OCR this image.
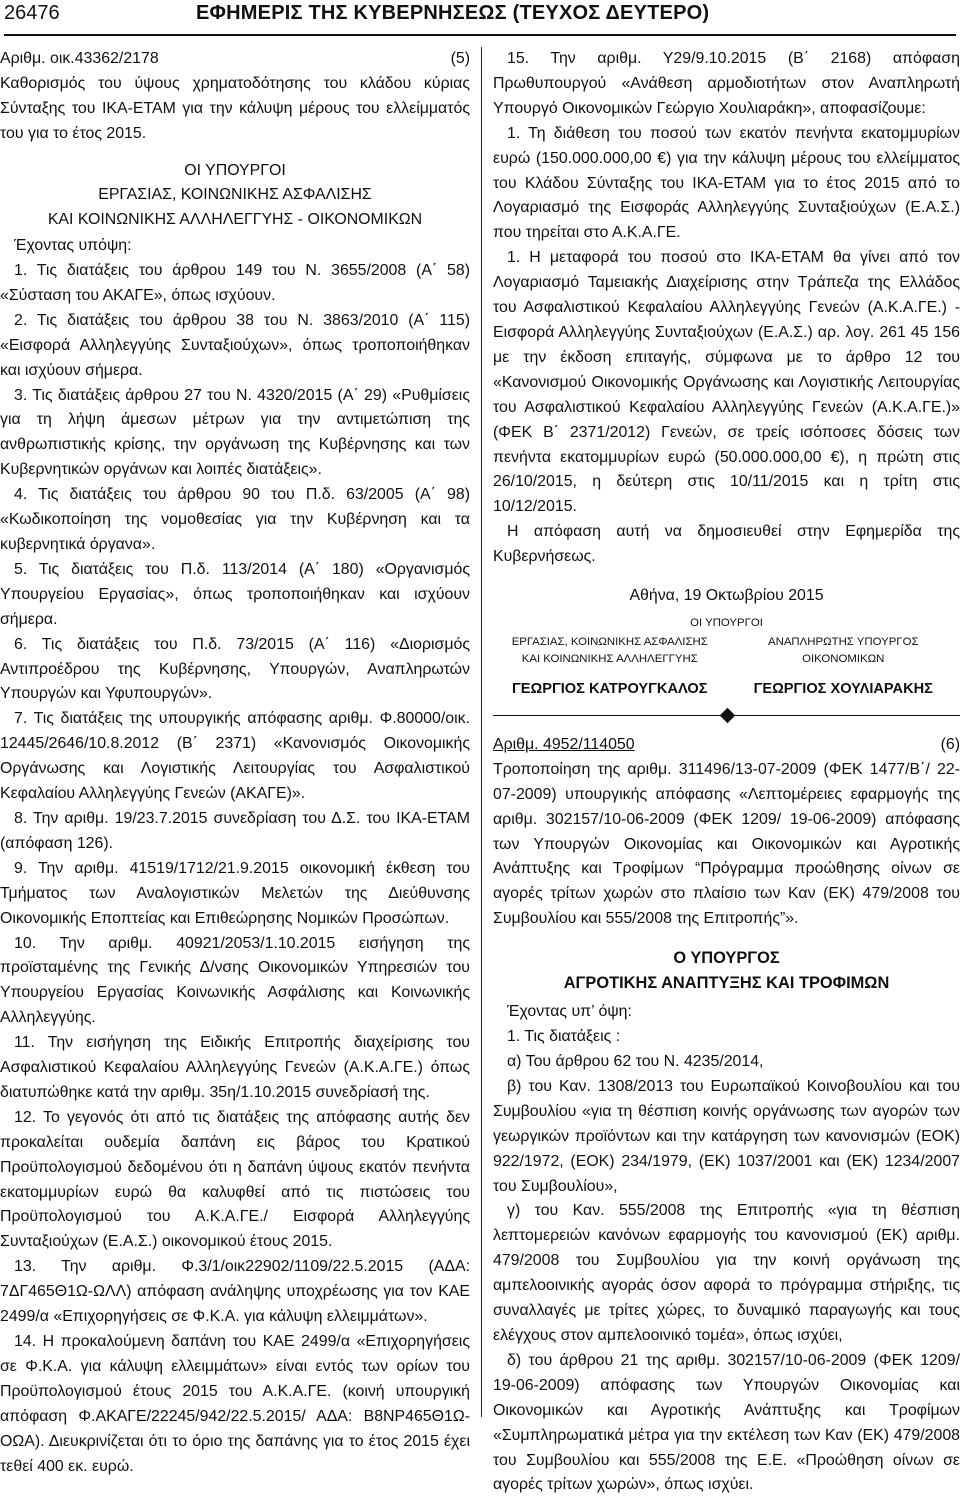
26476	ΕΦΗΜΕΡΙΣ ΤΗΣ ΚΥΒΕΡΝΗΣΕΩΣ (ΤΕΥΧΟΣ ΔΕΥΤΕΡΟ)
Αριθμ. οικ.43362/2178	(5)

Καθορισμός του ύψους χρηματοδότησης του κλάδου κύριας Σύνταξης του ΙΚΑ-ΕΤΑΜ για την κάλυψη μέρους του ελλείμματός του για το έτος 2015.

ΟΙ ΥΠΟΥΡΓΟΙ

ΕΡΓΑΣΙΑΣ, ΚΟΙΝΩΝΙΚΗΣ ΑΣΦΑΛΙΣΗΣ

ΚΑΙ ΚΟΙΝΩΝΙΚΗΣ ΑΛΛΗΛΕΓΓΥΗΣ - ΟΙΚΟΝΟΜΙΚΩΝ

Έχοντας υπόψη:

1. Τις διατάξεις του άρθρου 149 του Ν. 3655/2008 (Α΄ 58) «Σύσταση του ΑΚΑΓΕ», όπως ισχύουν.

2. Τις διατάξεις του άρθρου 38 του Ν. 3863/2010 (Α΄ 115) «Εισφορά Αλληλεγγύης Συνταξιούχων», όπως τροποποιήθηκαν και ισχύουν σήμερα.

3. Τις διατάξεις άρθρου 27 του Ν. 4320/2015 (Α΄ 29) «Ρυθμίσεις για τη λήψη άμεσων μέτρων για την αντιμετώπιση της ανθρωπιστικής κρίσης, την οργάνωση της Κυβέρνησης και των Κυβερνητικών οργάνων και λοιπές διατάξεις».

4. Τις διατάξεις του άρθρου 90 του Π.δ. 63/2005 (Α΄ 98) «Κωδικοποίηση της νομοθεσίας για την Κυβέρνηση και τα κυβερνητικά όργανα».

5. Τις διατάξεις του Π.δ. 113/2014 (Α΄ 180) «Οργανισμός Υπουργείου Εργασίας», όπως τροποποιήθηκαν και ισχύουν σήμερα.

6. Τις διατάξεις του Π.δ. 73/2015 (Α΄ 116) «Διορισμός Αντιπροέδρου της Κυβέρνησης, Υπουργών, Αναπληρωτών Υπουργών και Υφυπουργών».

7. Τις διατάξεις της υπουργικής απόφασης αριθμ. Φ.80000/οικ. 12445/2646/10.8.2012 (Β΄ 2371) «Κανονισμός Οικονομικής Οργάνωσης και Λογιστικής Λειτουργίας του Ασφαλιστικού Κεφαλαίου Αλληλεγγύης Γενεών (ΑΚΑΓΕ)».

8. Την αριθμ. 19/23.7.2015 συνεδρίαση του Δ.Σ. του ΙΚΑ-ΕΤΑΜ (απόφαση 126).

9. Την αριθμ. 41519/1712/21.9.2015 οικονομική έκθεση του Τμήματος των Αναλογιστικών Μελετών της Διεύθυνσης Οικονομικής Εποπτείας και Επιθεώρησης Νομικών Προσώπων.

10. Την αριθμ. 40921/2053/1.10.2015 εισήγηση της προϊσταμένης της Γενικής Δ/νσης Οικονομικών Υπηρεσιών του Υπουργείου Εργασίας Κοινωνικής Ασφάλισης και Κοινωνικής Αλληλεγγύης.

11. Την εισήγηση της Ειδικής Επιτροπής διαχείρισης του Ασφαλιστικού Κεφαλαίου Αλληλεγγύης Γενεών (Α.Κ.Α.ΓΕ.) όπως διατυπώθηκε κατά την αριθμ. 35η/1.10.2015 συνεδρίασή της.

12. Το γεγονός ότι από τις διατάξεις της απόφασης αυτής δεν προκαλείται ουδεμία δαπάνη εις βάρος του Κρατικού Προϋπολογισμού δεδομένου ότι η δαπάνη ύψους εκατόν πενήντα εκατομμυρίων ευρώ θα καλυφθεί από τις πιστώσεις του Προϋπολογισμού του Α.Κ.Α.ΓΕ./ Εισφορά Αλληλεγγύης Συνταξιούχων (Ε.Α.Σ.) οικονομικού έτους 2015.

13. Την αριθμ. Φ.3/1/οικ22902/1109/22.5.2015 (ΑΔΑ: 7ΔΓ465Θ1Ω-ΩΛΛ) απόφαση ανάληψης υποχρέωσης για τον ΚΑΕ 2499/α «Επιχορηγήσεις σε Φ.Κ.Α. για κάλυψη ελλειμμάτων».

14. Η προκαλούμενη δαπάνη του ΚΑΕ 2499/α «Επιχορηγήσεις σε Φ.Κ.Α. για κάλυψη ελλειμμάτων» είναι εντός των ορίων του Προϋπολογισμού έτους 2015 του Α.Κ.Α.ΓΕ. (κοινή υπουργική απόφαση Φ.ΑΚΑΓΕ/22245/942/22.5.2015/ ΑΔΑ: Β8ΝΡ465Θ1Ω-ΟΩΑ). Διευκρινίζεται ότι το όριο της δαπάνης για το έτος 2015 έχει τεθεί 400 εκ. ευρώ.

15. Την αριθμ. Υ29/9.10.2015 (Β΄ 2168) απόφαση Πρωθυπουργού «Ανάθεση αρμοδιοτήτων στον Αναπληρωτή Υπουργό Οικονομικών Γεώργιο Χουλιαράκη», αποφασίζουμε:

1. Τη διάθεση του ποσού των εκατόν πενήντα εκατομμυρίων ευρώ (150.000.000,00 €) για την κάλυψη μέρους του ελλείμματος του Κλάδου Σύνταξης του ΙΚΑ-ΕΤΑΜ για το έτος 2015 από το Λογαριασμό της Εισφοράς Αλληλεγγύης Συνταξιούχων (Ε.Α.Σ.) που τηρείται στο Α.Κ.Α.ΓΕ.

1. Η μεταφορά του ποσού στο ΙΚΑ-ΕΤΑΜ θα γίνει από τον Λογαριασμό Ταμειακής Διαχείρισης στην Τράπεζα της Ελλάδος του Ασφαλιστικού Κεφαλαίου Αλληλεγγύης Γενεών (Α.Κ.Α.ΓΕ.) - Εισφορά Αλληλεγγύης Συνταξιούχων (Ε.Α.Σ.) αρ. λογ. 261 45 156 με την έκδοση επιταγής, σύμφωνα με το άρθρο 12 του «Κανονισμού Οικονομικής Οργάνωσης και Λογιστικής Λειτουργίας του Ασφαλιστικού Κεφαλαίου Αλληλεγγύης Γενεών (Α.Κ.Α.ΓΕ.)» (ΦΕΚ Β΄ 2371/2012) Γενεών, σε τρείς ισόποσες δόσεις των πενήντα εκατομμυρίων ευρώ (50.000.000,00 €), η πρώτη στις 26/10/2015, η δεύτερη στις 10/11/2015 και η τρίτη στις 10/12/2015.

Η απόφαση αυτή να δημοσιευθεί στην Εφημερίδα της Κυβερνήσεως.

Αθήνα, 19 Οκτωβρίου 2015

ΟΙ ΥΠΟΥΡΓΟΙ

ΕΡΓΑΣΙΑΣ, ΚΟΙΝΩΝΙΚΗΣ ΑΣΦΑΛΙΣΗΣ
ΚΑΙ ΚΟΙΝΩΝΙΚΗΣ ΑΛΛΗΛΕΓΓΥΗΣ
ΓΕΩΡΓΙΟΣ ΚΑΤΡΟΥΓΚΑΛΟΣ
ΑΝΑΠΛΗΡΩΤΗΣ ΥΠΟΥΡΓΟΣ
ΟΙΚΟΝΟΜΙΚΩΝ
ΓΕΩΡΓΙΟΣ ΧΟΥΛΙΑΡΑΚΗΣ
Αριθμ. 4952/114050	(6)

Τροποποίηση της αριθμ. 311496/13-07-2009 (ΦΕΚ 1477/Β΄/ 22-07-2009) υπουργικής απόφασης «Λεπτομέρειες εφαρμογής της αριθμ. 302157/10-06-2009 (ΦΕΚ 1209/ 19-06-2009) απόφασης των Υπουργών Οικονομίας και Οικονομικών και Αγροτικής Ανάπτυξης και Τροφίμων “Πρόγραμμα προώθησης οίνων σε αγορές τρίτων χωρών στο πλαίσιο των Καν (ΕΚ) 479/2008 του Συμβουλίου και 555/2008 της Επιτροπής”».

Ο ΥΠΟΥΡΓΟΣ

ΑΓΡΟΤΙΚΗΣ ΑΝΑΠΤΥΞΗΣ ΚΑΙ ΤΡΟΦΙΜΩΝ

Έχοντας υπ’ όψη:

1. Τις διατάξεις :

α) Του άρθρου 62 του Ν. 4235/2014,

β) του Καν. 1308/2013 του Ευρωπαϊκού Κοινοβουλίου και του Συμβουλίου «για τη θέσπιση κοινής οργάνωσης των αγορών των γεωργικών προϊόντων και την κατάργηση των κανονισμών (ΕΟΚ) 922/1972, (ΕΟΚ) 234/1979, (ΕΚ) 1037/2001 και (ΕΚ) 1234/2007 του Συμβουλίου»,

γ) του Καν. 555/2008 της Επιτροπής «για τη θέσπιση λεπτομερειών κανόνων εφαρμογής του κανονισμού (ΕΚ) αριθμ. 479/2008 του Συμβουλίου για την κοινή οργάνωση της αμπελοοινικής αγοράς όσον αφορά το πρόγραμμα στήριξης, τις συναλλαγές με τρίτες χώρες, το δυναμικό παραγωγής και τους ελέγχους στον αμπελοοινικό τομέα», όπως ισχύει,

δ) του άρθρου 21 της αριθμ. 302157/10-06-2009 (ΦΕΚ 1209/ 19-06-2009) απόφασης των Υπουργών Οικονομίας και Οικονομικών και Αγροτικής Ανάπτυξης και Τροφίμων «Συμπληρωματικά μέτρα για την εκτέλεση των Καν (ΕΚ) 479/2008 του Συμβουλίου και 555/2008 της Ε.Ε. «Προώθηση οίνων σε αγορές τρίτων χωρών», όπως ισχύει.
